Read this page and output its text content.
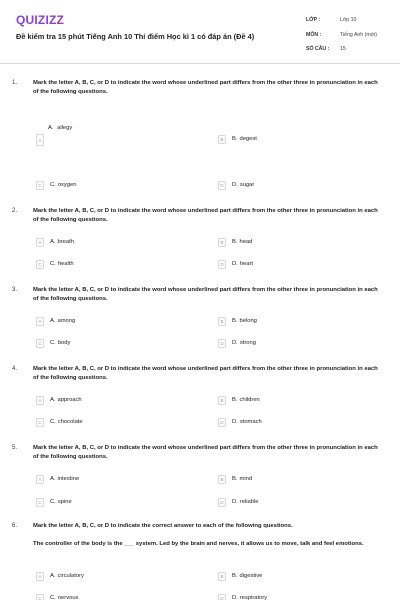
QUIZIZZ
Đề kiểm tra 15 phút Tiếng Anh 10 Thí điểm Học kì 1 có đáp án (Đề 4)
LỚP :	Lớp 10
MÔN :	Tiếng Anh (mới)
SỐ CÂU : 15
1.	Mark the letter A, B, C, or D to indicate the word whose underlined part differs from the other three in pronunciation in each of the following questions.
A. allegy
A	B	B. degest
C	C. oxygen	D	D. sugar
2.	Mark the letter A, B, C, or D to indicate the word whose underlined part differs from the other three in pronunciation in each of the following questions.
A	A. breath	B	B. head
C	C. health	D	D. heart
3.	Mark the letter A, B, C, or D to indicate the word whose underlined part differs from the other three in pronunciation in each of the following questions.
A	A. among	B	B. belong
C	C. body	D	D. strong
4.	Mark the letter A, B, C, or D to indicate the word whose underlined part differs from the other three in pronunciation in each of the following questions.
A	A. approach	B	B. children
C	C. chocolate	D	D. stomach
5.	Mark the letter A, B, C, or D to indicate the word whose underlined part differs from the other three in pronunciation in each of the following questions.
A	A. intestine	B	B. mind
C	C. spine	D	D. reliable
6.	Mark the letter A, B, C, or D to indicate the correct answer to each of the following questions.
The controller of the body is the ___ system. Led by the brain and nerves, it allows us to move, talk and feel emotions.
A	A. circulatory	B	B. digestive
C	C. nervous	D	D. respiratory
